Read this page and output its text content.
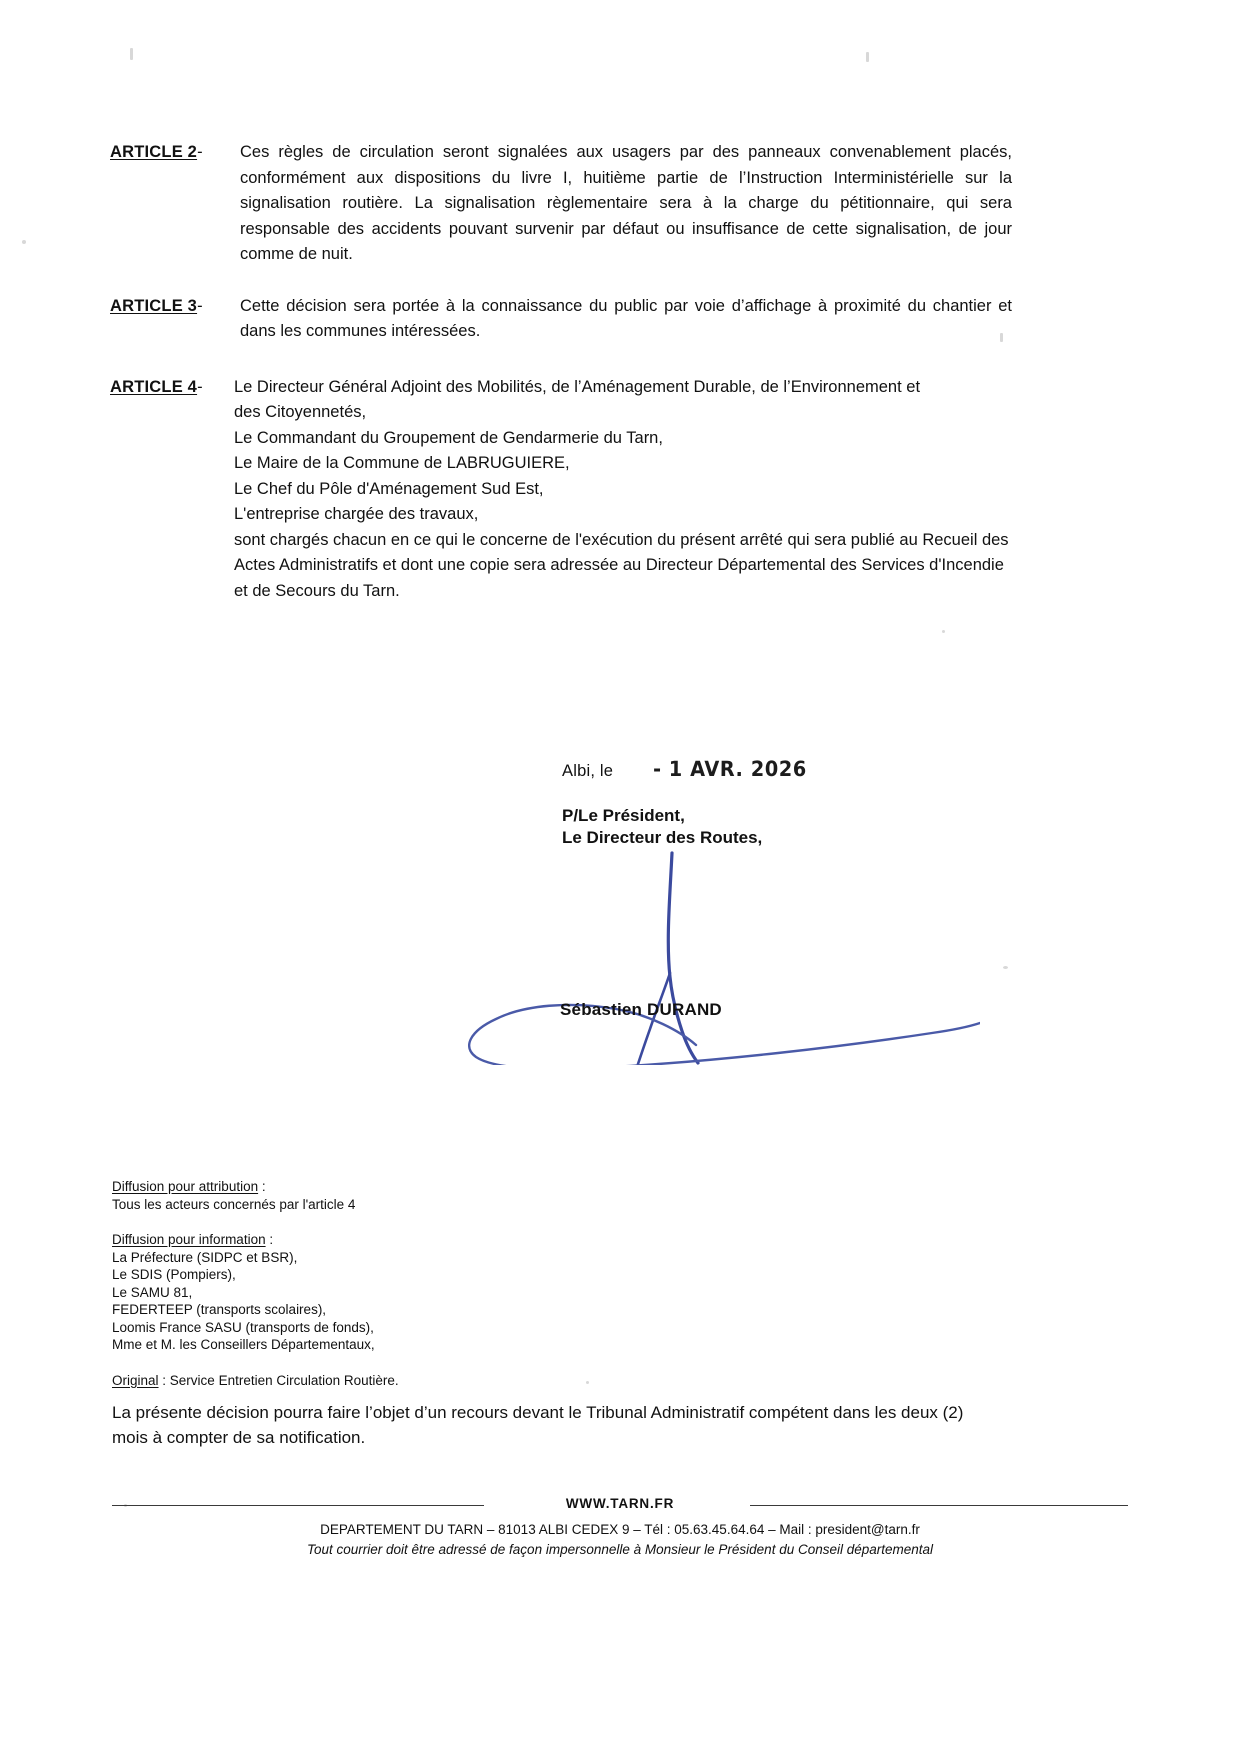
ARTICLE 2-	Ces règles de circulation seront signalées aux usagers par des panneaux convenablement placés, conformément aux dispositions du livre I, huitième partie de l’Instruction Interministérielle sur la signalisation routière. La signalisation règlementaire sera à la charge du pétitionnaire, qui sera responsable des accidents pouvant survenir par défaut ou insuffisance de cette signalisation, de jour comme de nuit.
ARTICLE 3-	Cette décision sera portée à la connaissance du public par voie d’affichage à proximité du chantier et dans les communes intéressées.
ARTICLE 4-	Le Directeur Général Adjoint des Mobilités, de l’Aménagement Durable, de l’Environnement et
des Citoyennetés,
Le Commandant du Groupement de Gendarmerie du Tarn,
Le Maire de la Commune de LABRUGUIERE,
Le Chef du Pôle d'Aménagement Sud Est,
L'entreprise chargée des travaux,
sont chargés chacun en ce qui le concerne de l'exécution du présent arrêté qui sera publié au Recueil des Actes Administratifs et dont une copie sera adressée au Directeur Départemental des Services d'Incendie et de Secours du Tarn.
Albi, le - 1 AVR. 2026
P/Le Président,
Le Directeur des Routes,
Sébastien DURAND
Diffusion pour attribution :
Tous les acteurs concernés par l'article 4
Diffusion pour information :
La Préfecture (SIDPC et BSR),
Le SDIS (Pompiers),
Le SAMU 81,
FEDERTEEP (transports scolaires),
Loomis France SASU (transports de fonds),
Mme et M. les Conseillers Départementaux,
Original : Service Entretien Circulation Routière.
La présente décision pourra faire l’objet d’un recours devant le Tribunal Administratif compétent dans les deux (2) mois à compter de sa notification.
WWW.TARN.FR
DEPARTEMENT DU TARN – 81013 ALBI CEDEX 9 – Tél : 05.63.45.64.64 – Mail : president@tarn.fr
Tout courrier doit être adressé de façon impersonnelle à Monsieur le Président du Conseil départemental
